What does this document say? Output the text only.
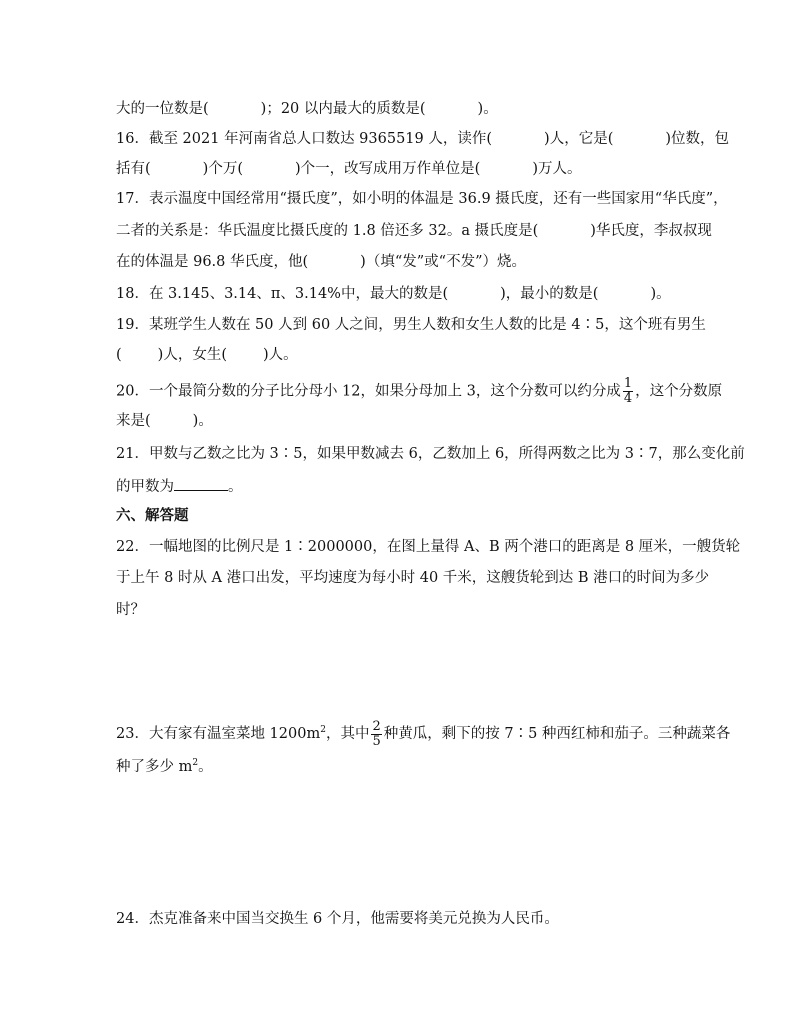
大的一位数是(	)；20 以内最大的质数是(	)。
16．截至 2021 年河南省总人口数达 9365519 人，读作(	)人，它是(	)位数，包
括有(	)个万(	)个一，改写成用万作单位是(	)万人。
17．表示温度中国经常用“摄氏度”，如小明的体温是 36.9 摄氏度，还有一些国家用“华氏度”，
二者的关系是：华氏温度比摄氏度的 1.8 倍还多 32。a 摄氏度是(	)华氏度，李叔叔现
在的体温是 96.8 华氏度，他(	)（填“发”或“不发”）烧。
18．在 3.145、3.14、π、3.14%中，最大的数是(	)，最小的数是(	)。
19．某班学生人数在 50 人到 60 人之间，男生人数和女生人数的比是 4∶5，这个班有男生
( )人，女生( )人。
20．一个最简分数的分子比分母小 12，如果分母加上 3，这个分数可以约分成 $\frac{1}{4}$ ，这个分数原
来是(	)。
21．甲数与乙数之比为 3∶5，如果甲数减去 6，乙数加上 6，所得两数之比为 3∶7，那么变化前
的甲数为	。
六、解答题
22．一幅地图的比例尺是 1∶2000000，在图上量得 A、B 两个港口的距离是 8 厘米，一艘货轮
于上午 8 时从 A 港口出发，平均速度为每小时 40 千米，这艘货轮到达 B 港口的时间为多少
时？
23．大有家有温室菜地 $1200m^2$，其中 $\frac{2}{5}$ 种黄瓜，剩下的按 7∶5 种西红柿和茄子。三种蔬菜各
种了多少 $m^2$。
24．杰克准备来中国当交换生 6 个月，他需要将美元兑换为人民币。
